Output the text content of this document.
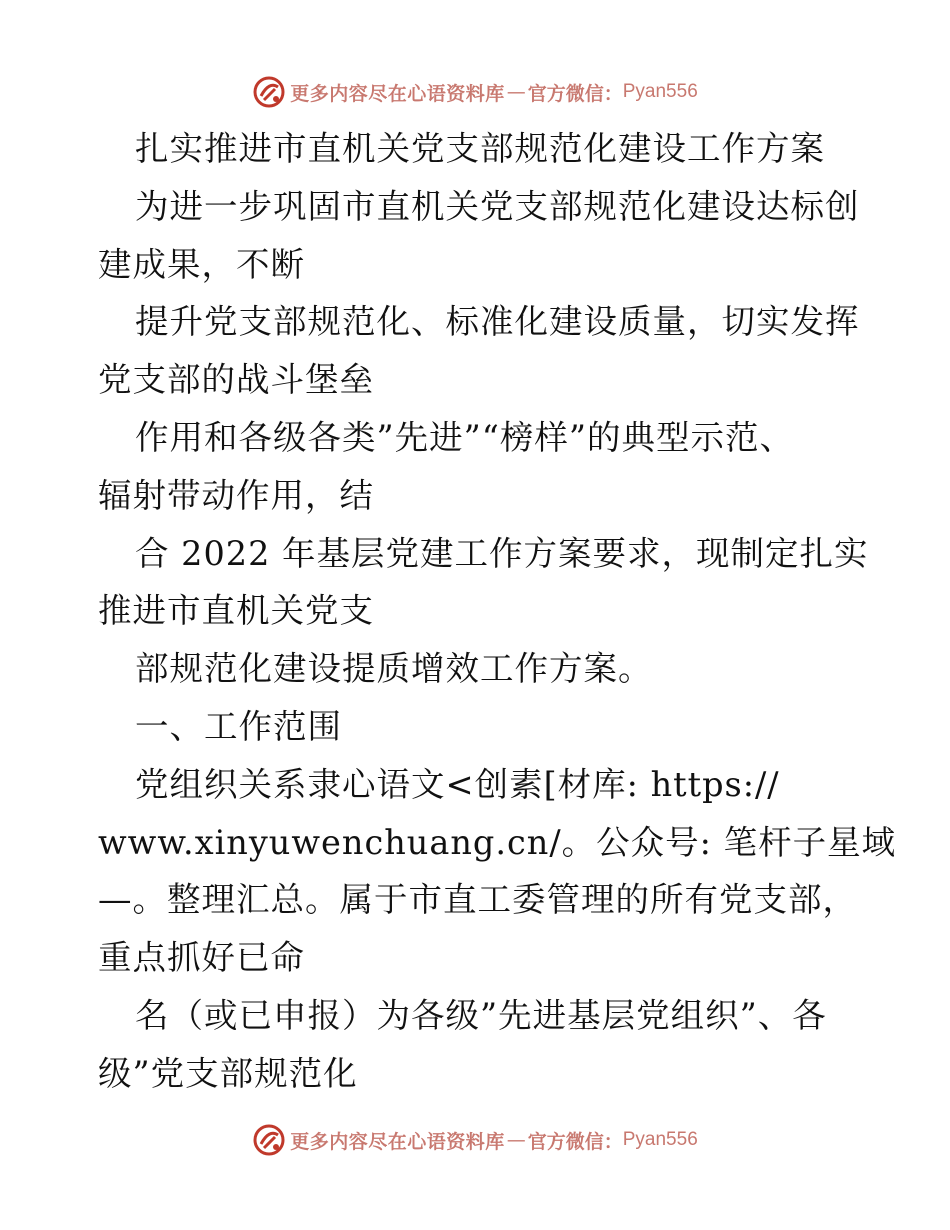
更多内容尽在心语资料库 — 官方微信： Pyan556
扎实推进市直机关党支部规范化建设工作方案
为进一步巩固市直机关党支部规范化建设达标创
建成果，不断
提升党支部规范化、标准化建设质量，切实发挥
党支部的战斗堡垒
作用和各级各类”先进”“榜样”的典型示范、
辐射带动作用，结
合 2022 年基层党建工作方案要求，现制定扎实
推进市直机关党支
部规范化建设提质增效工作方案。
一、工作范围
党组织关系隶心语文<创素[材库: https://
www.xinyuwenchuang.cn/。公众号: 笔杆子星域
—。整理汇总。属于市直工委管理的所有党支部，
重点抓好已命
名（或已申报）为各级”先进基层党组织”、各
级”党支部规范化
更多内容尽在心语资料库 — 官方微信： Pyan556
